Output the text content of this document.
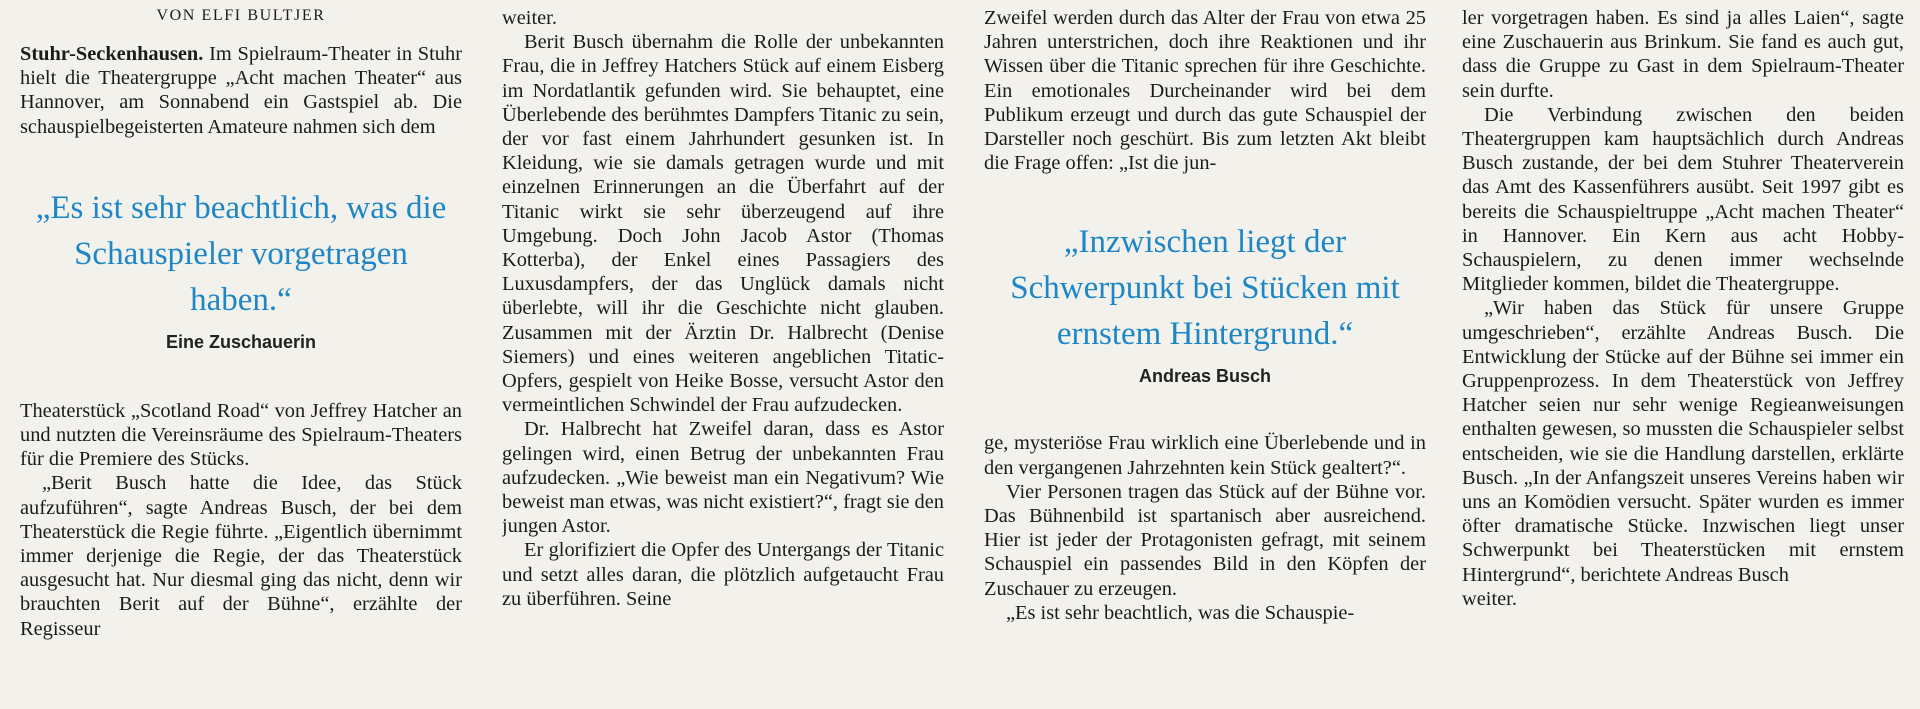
VON ELFI BULTJER

Stuhr-Seckenhausen. Im Spielraum-Theater in Stuhr hielt die Theatergruppe „Acht machen Theater“ aus Hannover, am Sonnabend ein Gastspiel ab. Die schauspielbegeisterten Amateure nahmen sich dem

„Es ist sehr beachtlich, was die Schauspieler vorgetragen haben.“
Eine Zuschauerin

Theaterstück „Scotland Road“ von Jeffrey Hatcher an und nutzten die Vereinsräume des Spielraum-Theaters für die Premiere des Stücks.

„Berit Busch hatte die Idee, das Stück aufzuführen“, sagte Andreas Busch, der bei dem Theaterstück die Regie führte. „Eigentlich übernimmt immer derjenige die Regie, der das Theaterstück ausgesucht hat. Nur diesmal ging das nicht, denn wir brauchten Berit auf der Bühne“, erzählte der Regisseur

weiter.

Berit Busch übernahm die Rolle der unbekannten Frau, die in Jeffrey Hatchers Stück auf einem Eisberg im Nordatlantik gefunden wird. Sie behauptet, eine Überlebende des berühmtes Dampfers Titanic zu sein, der vor fast einem Jahrhundert gesunken ist. In Kleidung, wie sie damals getragen wurde und mit einzelnen Erinnerungen an die Überfahrt auf der Titanic wirkt sie sehr überzeugend auf ihre Umgebung. Doch John Jacob Astor (Thomas Kotterba), der Enkel eines Passagiers des Luxusdampfers, der das Unglück damals nicht überlebte, will ihr die Geschichte nicht glauben. Zusammen mit der Ärztin Dr. Halbrecht (Denise Siemers) und eines weiteren angeblichen Titatic-Opfers, gespielt von Heike Bosse, versucht Astor den vermeintlichen Schwindel der Frau aufzudecken.

Dr. Halbrecht hat Zweifel daran, dass es Astor gelingen wird, einen Betrug der unbekannten Frau aufzudecken. „Wie beweist man ein Negativum? Wie beweist man etwas, was nicht existiert?“, fragt sie den jungen Astor.

Er glorifiziert die Opfer des Untergangs der Titanic und setzt alles daran, die plötzlich aufgetaucht Frau zu überführen. Seine

Zweifel werden durch das Alter der Frau von etwa 25 Jahren unterstrichen, doch ihre Reaktionen und ihr Wissen über die Titanic sprechen für ihre Geschichte. Ein emotionales Durcheinander wird bei dem Publikum erzeugt und durch das gute Schauspiel der Darsteller noch geschürt. Bis zum letzten Akt bleibt die Frage offen: „Ist die jun-

„Inzwischen liegt der Schwerpunkt bei Stücken mit ernstem Hintergrund.“
Andreas Busch

ge, mysteriöse Frau wirklich eine Überlebende und in den vergangenen Jahrzehnten kein Stück gealtert?“.

Vier Personen tragen das Stück auf der Bühne vor. Das Bühnenbild ist spartanisch aber ausreichend. Hier ist jeder der Protagonisten gefragt, mit seinem Schauspiel ein passendes Bild in den Köpfen der Zuschauer zu erzeugen.

„Es ist sehr beachtlich, was die Schauspie-

ler vorgetragen haben. Es sind ja alles Laien“, sagte eine Zuschauerin aus Brinkum. Sie fand es auch gut, dass die Gruppe zu Gast in dem Spielraum-Theater sein durfte.

Die Verbindung zwischen den beiden Theatergruppen kam hauptsächlich durch Andreas Busch zustande, der bei dem Stuhrer Theaterverein das Amt des Kassenführers ausübt. Seit 1997 gibt es bereits die Schauspieltruppe „Acht machen Theater“ in Hannover. Ein Kern aus acht Hobby-Schauspielern, zu denen immer wechselnde Mitglieder kommen, bildet die Theatergruppe.

„Wir haben das Stück für unsere Gruppe umgeschrieben“, erzählte Andreas Busch. Die Entwicklung der Stücke auf der Bühne sei immer ein Gruppenprozess. In dem Theaterstück von Jeffrey Hatcher seien nur sehr wenige Regieanweisungen enthalten gewesen, so mussten die Schauspieler selbst entscheiden, wie sie die Handlung darstellen, erklärte Busch. „In der Anfangszeit unseres Vereins haben wir uns an Komödien versucht. Später wurden es immer öfter dramatische Stücke. Inzwischen liegt unser Schwerpunkt bei Theaterstücken mit ernstem Hintergrund“, berichtete Andreas Busch

weiter.
